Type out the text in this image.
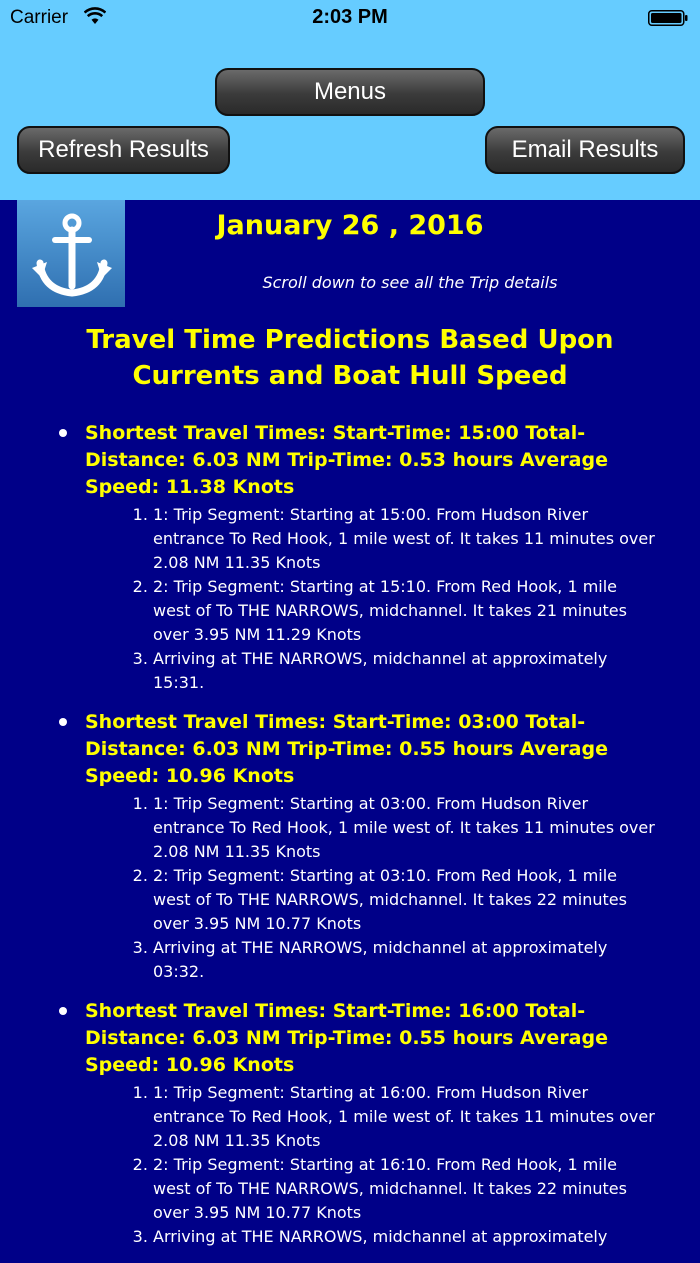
Carrier	2:03 PM
Menus
Refresh Results	Email Results
January 26 , 2016
Scroll down to see all the Trip details
Travel Time Predictions Based Upon Currents and Boat Hull Speed
Shortest Travel Times: Start-Time: 15:00 Total-Distance: 6.03 NM Trip-Time: 0.53 hours Average Speed: 11.38 Knots
1. 1: Trip Segment: Starting at 15:00. From Hudson River entrance To Red Hook, 1 mile west of. It takes 11 minutes over 2.08 NM 11.35 Knots
2. 2: Trip Segment: Starting at 15:10. From Red Hook, 1 mile west of To THE NARROWS, midchannel. It takes 21 minutes over 3.95 NM 11.29 Knots
3. Arriving at THE NARROWS, midchannel at approximately 15:31.
Shortest Travel Times: Start-Time: 03:00 Total-Distance: 6.03 NM Trip-Time: 0.55 hours Average Speed: 10.96 Knots
1. 1: Trip Segment: Starting at 03:00. From Hudson River entrance To Red Hook, 1 mile west of. It takes 11 minutes over 2.08 NM 11.35 Knots
2. 2: Trip Segment: Starting at 03:10. From Red Hook, 1 mile west of To THE NARROWS, midchannel. It takes 22 minutes over 3.95 NM 10.77 Knots
3. Arriving at THE NARROWS, midchannel at approximately 03:32.
Shortest Travel Times: Start-Time: 16:00 Total-Distance: 6.03 NM Trip-Time: 0.55 hours Average Speed: 10.96 Knots
1. 1: Trip Segment: Starting at 16:00. From Hudson River entrance To Red Hook, 1 mile west of. It takes 11 minutes over 2.08 NM 11.35 Knots
2. 2: Trip Segment: Starting at 16:10. From Red Hook, 1 mile west of To THE NARROWS, midchannel. It takes 22 minutes over 3.95 NM 10.77 Knots
3. Arriving at THE NARROWS, midchannel at approximately
